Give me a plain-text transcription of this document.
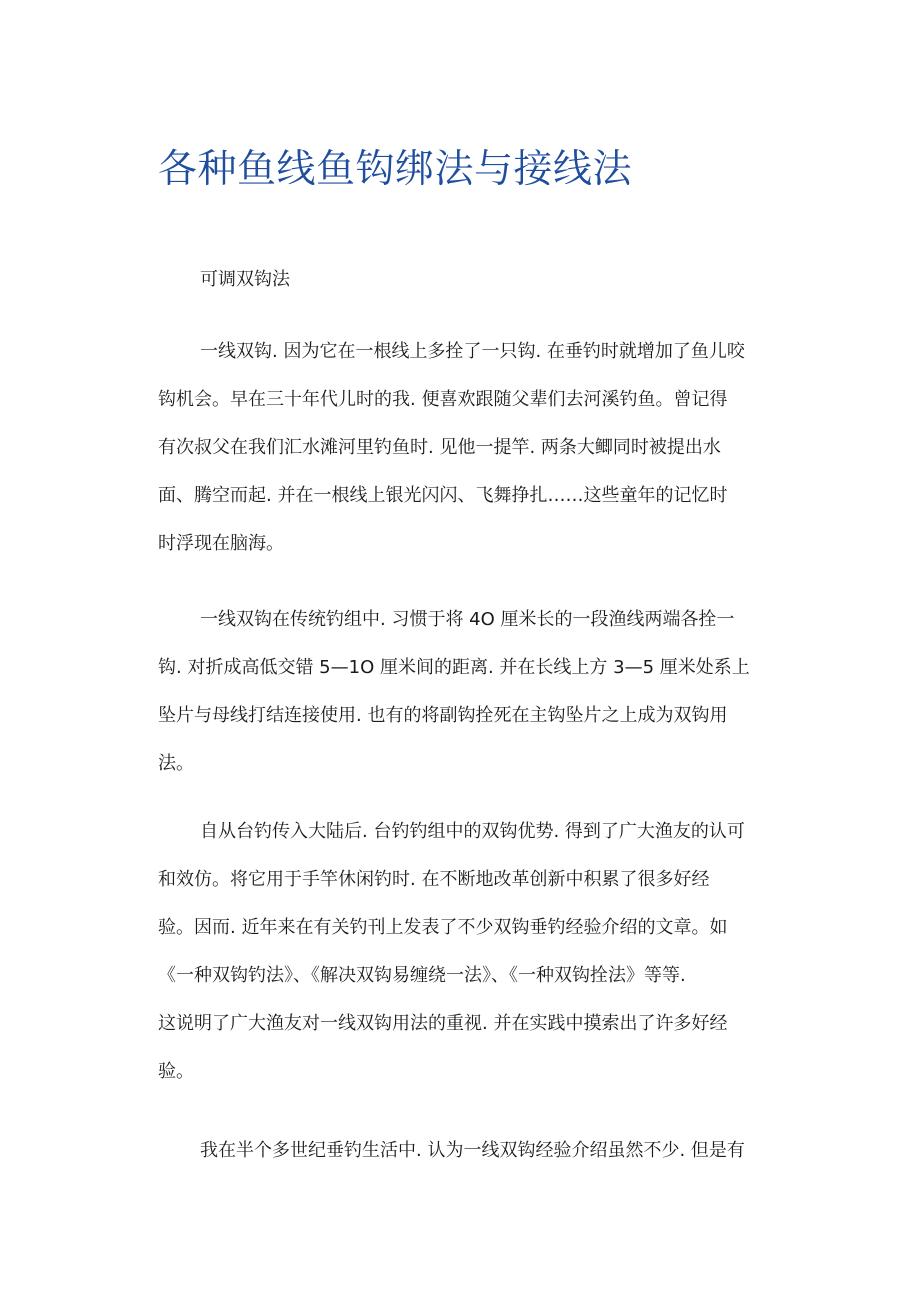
各种鱼线鱼钩绑法与接线法

可调双钩法

一线双钩. 因为它在一根线上多拴了一只钩. 在垂钓时就增加了鱼儿咬
钩机会。早在三十年代儿时的我. 便喜欢跟随父辈们去河溪钓鱼。曾记得
有次叔父在我们汇水滩河里钓鱼时. 见他一提竿. 两条大鲫同时被提出水
面、腾空而起. 并在一根线上银光闪闪、飞舞挣扎……这些童年的记忆时
时浮现在脑海。

一线双钩在传统钓组中. 习惯于将 4O 厘米长的一段渔线两端各拴一
钩. 对折成高低交错 5—1O 厘米间的距离. 并在长线上方 3—5 厘米处系上
坠片与母线打结连接使用. 也有的将副钩拴死在主钩坠片之上成为双钩用
法。

自从台钓传入大陆后. 台钓钓组中的双钩优势. 得到了广大渔友的认可
和效仿。将它用于手竿休闲钓时. 在不断地改革创新中积累了很多好经
验。因而. 近年来在有关钓刊上发表了不少双钩垂钓经验介绍的文章。如
《一种双钩钓法》、《解决双钩易缠绕一法》、《一种双钩拴法》等等.
这说明了广大渔友对一线双钩用法的重视. 并在实践中摸索出了许多好经
验。

我在半个多世纪垂钓生活中. 认为一线双钩经验介绍虽然不少. 但是有
